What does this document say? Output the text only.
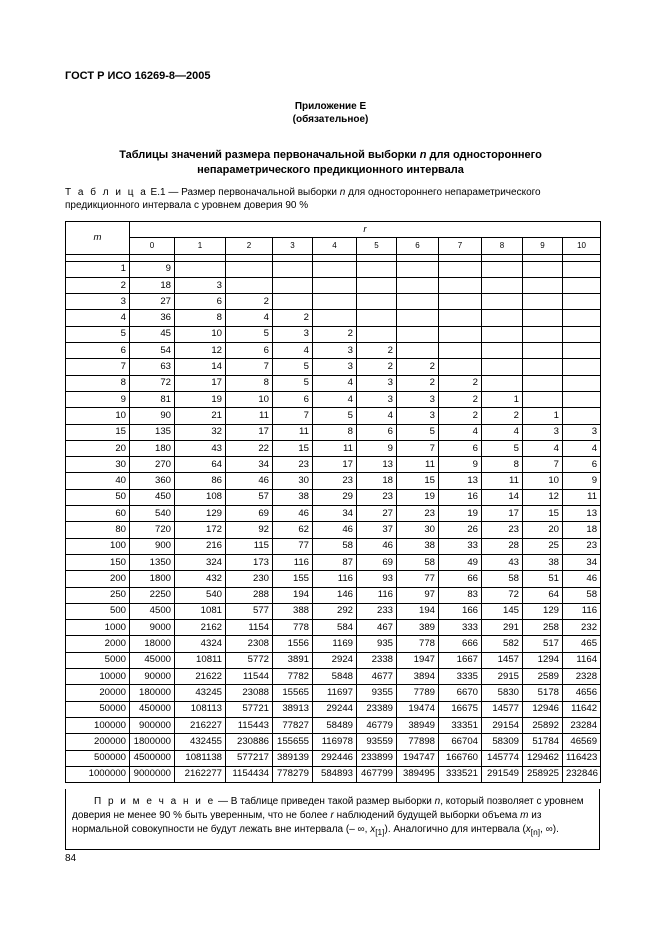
ГОСТ Р ИСО 16269-8—2005
Приложение Е
(обязательное)
Таблицы значений размера первоначальной выборки n для одностороннего
непараметрического предикционного интервала
Т а б л и ц а Е.1 — Размер первоначальной выборки n для одностороннего непараметрического предикционного интервала с уровнем доверия 90 %
m	r										
	0	1	2	3	4	5	6	7	8	9	10

1	9										
2	18	3									
3	27	6	2								
4	36	8	4	2							
5	45	10	5	3	2						
6	54	12	6	4	3	2					
7	63	14	7	5	3	2	2				
8	72	17	8	5	4	3	2	2			
9	81	19	10	6	4	3	3	2	1		
10	90	21	11	7	5	4	3	2	2	1	
15	135	32	17	11	8	6	5	4	4	3	3
20	180	43	22	15	11	9	7	6	5	4	4
30	270	64	34	23	17	13	11	9	8	7	6
40	360	86	46	30	23	18	15	13	11	10	9
50	450	108	57	38	29	23	19	16	14	12	11
60	540	129	69	46	34	27	23	19	17	15	13
80	720	172	92	62	46	37	30	26	23	20	18
100	900	216	115	77	58	46	38	33	28	25	23
150	1350	324	173	116	87	69	58	49	43	38	34
200	1800	432	230	155	116	93	77	66	58	51	46
250	2250	540	288	194	146	116	97	83	72	64	58
500	4500	1081	577	388	292	233	194	166	145	129	116
1000	9000	2162	1154	778	584	467	389	333	291	258	232
2000	18000	4324	2308	1556	1169	935	778	666	582	517	465
5000	45000	10811	5772	3891	2924	2338	1947	1667	1457	1294	1164
10000	90000	21622	11544	7782	5848	4677	3894	3335	2915	2589	2328
20000	180000	43245	23088	15565	11697	9355	7789	6670	5830	5178	4656
50000	450000	108113	57721	38913	29244	23389	19474	16675	14577	12946	11642
100000	900000	216227	115443	77827	58489	46779	38949	33351	29154	25892	23284
200000	1800000	432455	230886	155655	116978	93559	77898	66704	58309	51784	46569
500000	4500000	1081138	577217	389139	292446	233899	194747	166760	145774	129462	116423
1000000	9000000	2162277	1154434	778279	584893	467799	389495	333521	291549	258925	232846

П р и м е ч а н и е — В таблице приведен такой размер выборки n, который позволяет с уровнем доверия не менее 90 % быть уверенным, что не более r наблюдений будущей выборки объема m из нормальной совокупности не будут лежать вне интервала (– ∞, $x_{[1]}$). Аналогично для интервала ($x_{[n]}$, ∞).

84
